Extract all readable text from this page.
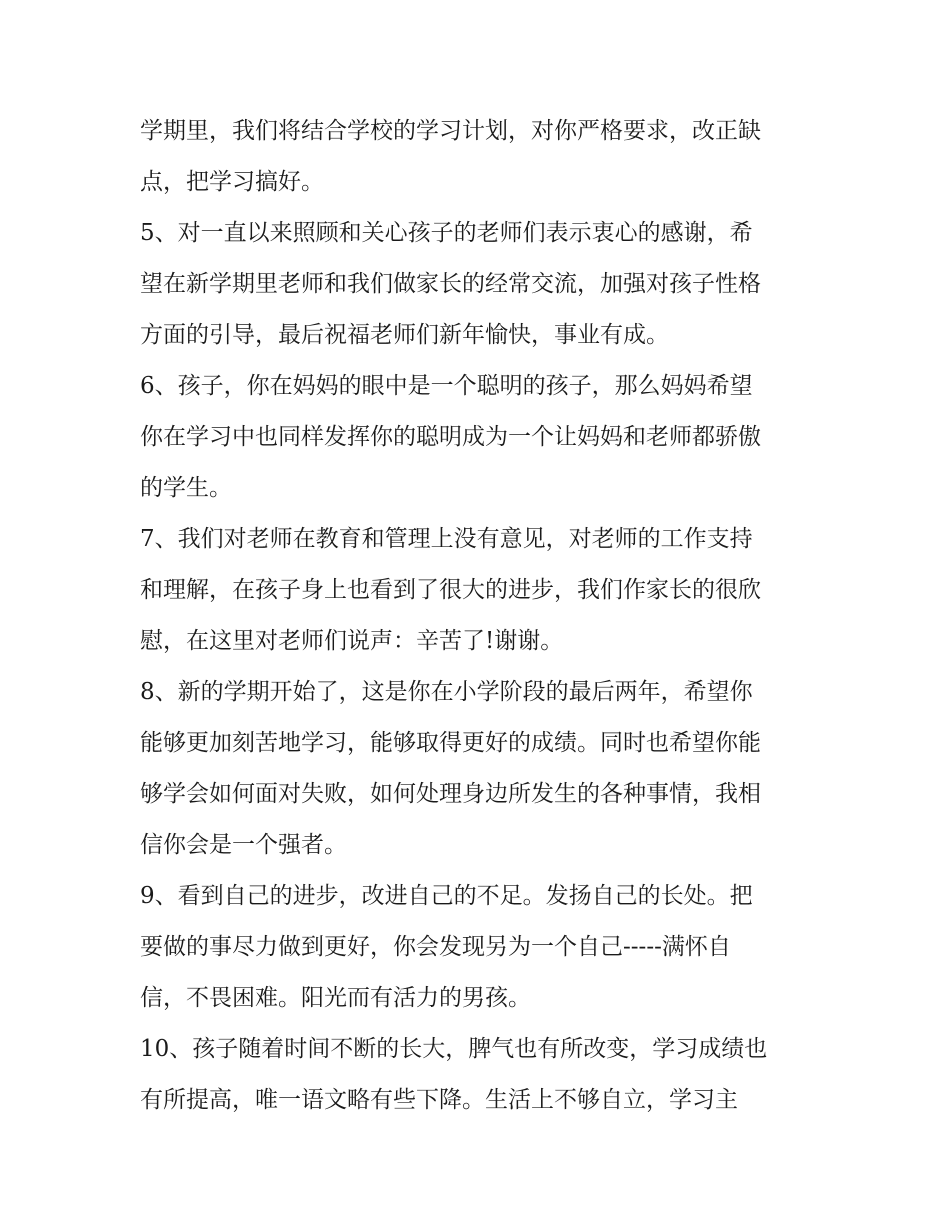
学期里，我们将结合学校的学习计划，对你严格要求，改正缺
点，把学习搞好。
5、对一直以来照顾和关心孩子的老师们表示衷心的感谢，希
望在新学期里老师和我们做家长的经常交流，加强对孩子性格
方面的引导，最后祝福老师们新年愉快，事业有成。
6、孩子，你在妈妈的眼中是一个聪明的孩子，那么妈妈希望
你在学习中也同样发挥你的聪明成为一个让妈妈和老师都骄傲
的学生。
7、我们对老师在教育和管理上没有意见，对老师的工作支持
和理解，在孩子身上也看到了很大的进步，我们作家长的很欣
慰，在这里对老师们说声：辛苦了!谢谢。
8、新的学期开始了，这是你在小学阶段的最后两年，希望你
能够更加刻苦地学习，能够取得更好的成绩。同时也希望你能
够学会如何面对失败，如何处理身边所发生的各种事情，我相
信你会是一个强者。
9、看到自己的进步，改进自己的不足。发扬自己的长处。把
要做的事尽力做到更好，你会发现另为一个自己-----满怀自
信，不畏困难。阳光而有活力的男孩。
10、孩子随着时间不断的长大，脾气也有所改变，学习成绩也
有所提高，唯一语文略有些下降。生活上不够自立，学习主
